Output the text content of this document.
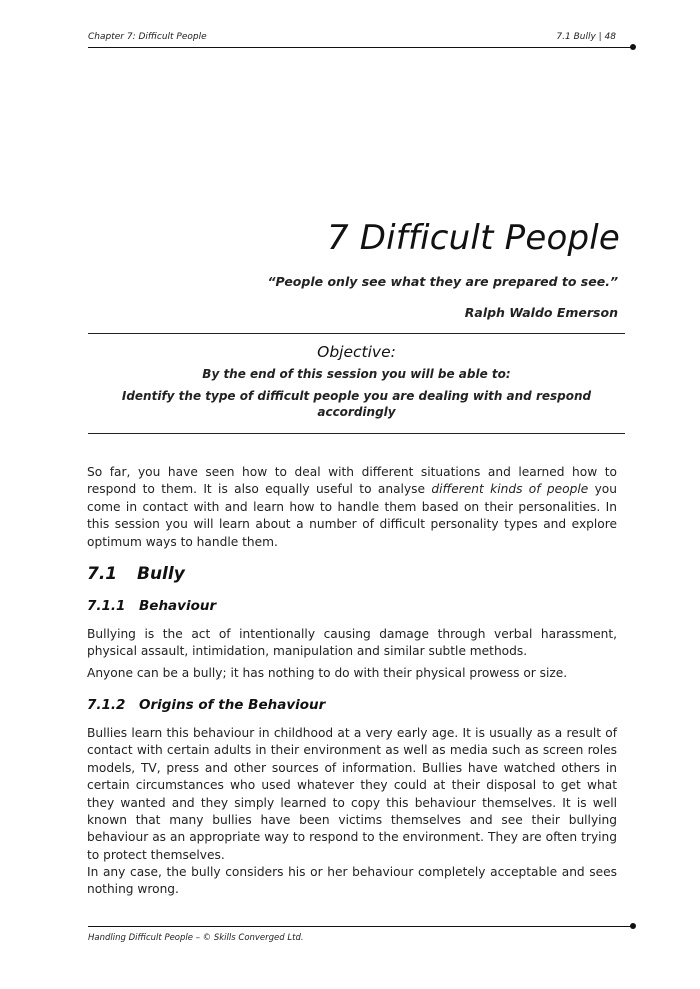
Chapter 7: Difficult People	7.1 Bully | 48
7 Difficult People
“People only see what they are prepared to see.”
Ralph Waldo Emerson
Objective:
By the end of this session you will be able to:
Identify the type of difficult people you are dealing with and respond accordingly

So far, you have seen how to deal with different situations and learned how to respond to them. It is also equally useful to analyse different kinds of people you come in contact with and learn how to handle them based on their personalities. In this session you will learn about a number of difficult personality types and explore optimum ways to handle them.

7.1 Bully
7.1.1 Behaviour

Bullying is the act of intentionally causing damage through verbal harassment, physical assault, intimidation, manipulation and similar subtle methods.

Anyone can be a bully; it has nothing to do with their physical prowess or size.

7.1.2 Origins of the Behaviour

Bullies learn this behaviour in childhood at a very early age. It is usually as a result of contact with certain adults in their environment as well as media such as screen roles models, TV, press and other sources of information. Bullies have watched others in certain circumstances who used whatever they could at their disposal to get what they wanted and they simply learned to copy this behaviour themselves. It is well known that many bullies have been victims themselves and see their bullying behaviour as an appropriate way to respond to the environment. They are often trying to protect themselves.

In any case, the bully considers his or her behaviour completely acceptable and sees nothing wrong.

Handling Difficult People – © Skills Converged Ltd.
